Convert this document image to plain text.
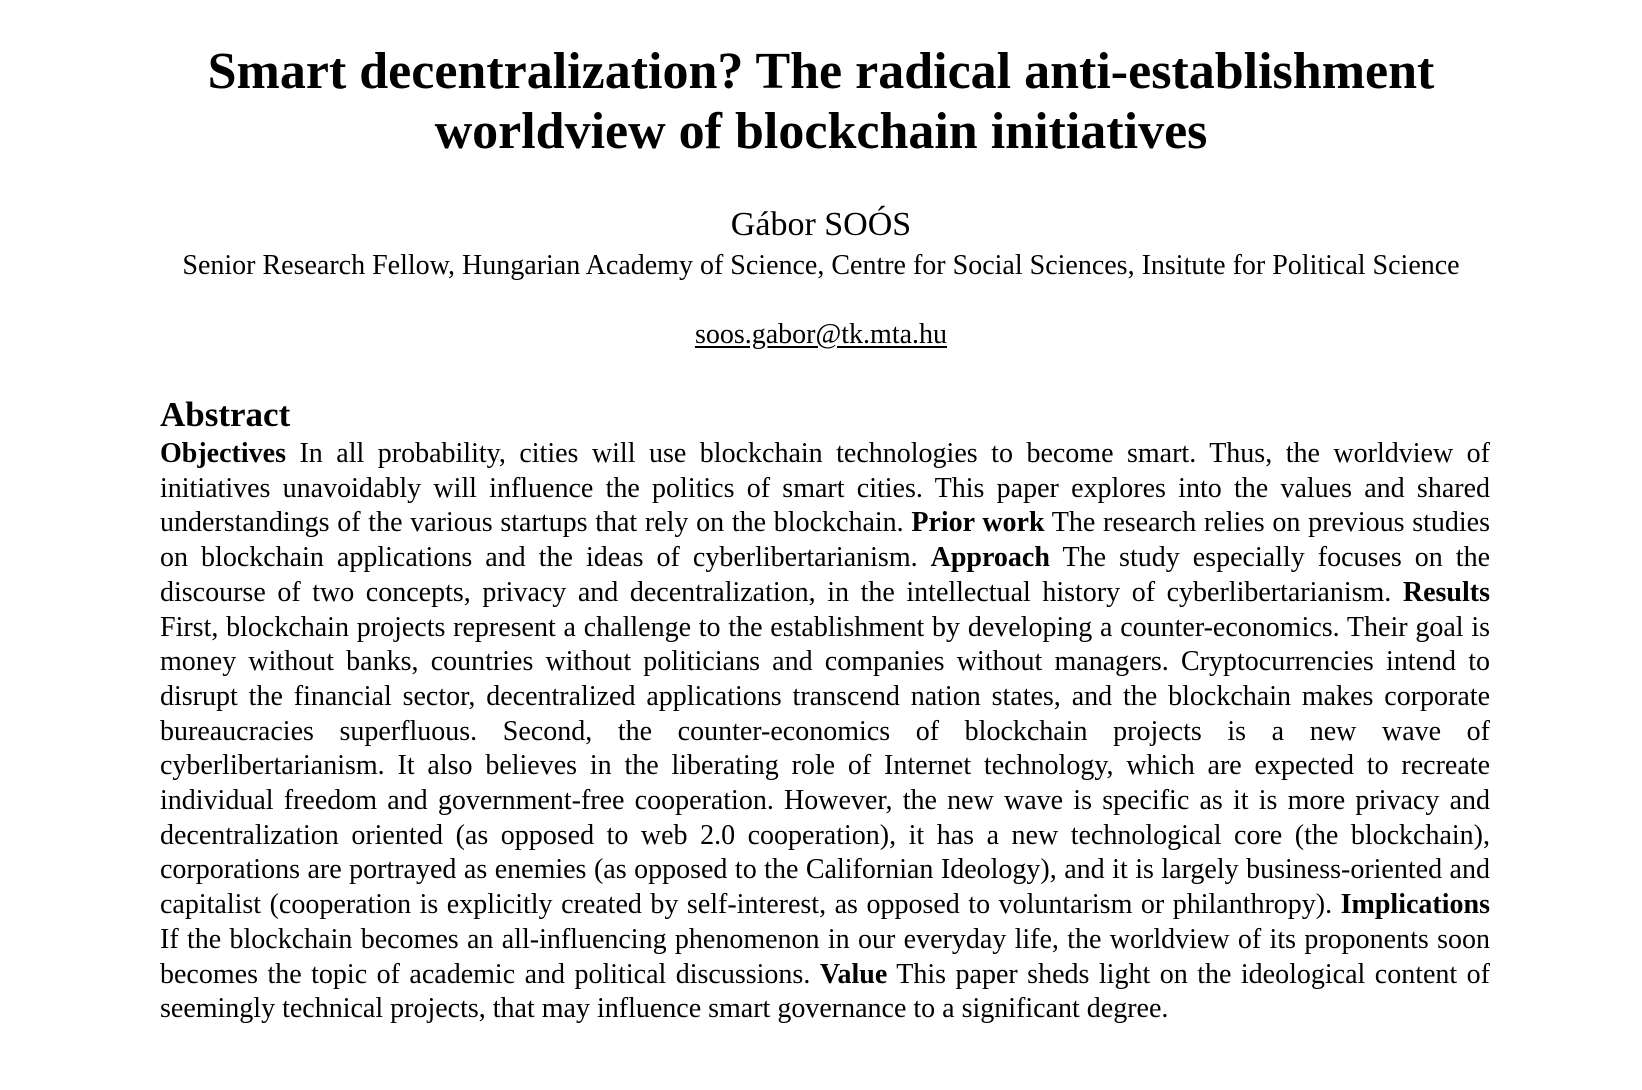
Smart decentralization? The radical anti-establishment
worldview of blockchain initiatives

Gábor SOÓS

Senior Research Fellow, Hungarian Academy of Science, Centre for Social Sciences, Insitute for Political Science

soos.gabor@tk.mta.hu

Abstract

Objectives In all probability, cities will use blockchain technologies to become smart. Thus, the worldview of initiatives unavoidably will influence the politics of smart cities. This paper explores into the values and shared understandings of the various startups that rely on the blockchain. Prior work The research relies on previous studies on blockchain applications and the ideas of cyberlibertarianism. Approach The study especially focuses on the discourse of two concepts, privacy and decentralization, in the intellectual history of cyberlibertarianism. Results First, blockchain projects represent a challenge to the establishment by developing a counter-economics. Their goal is money without banks, countries without politicians and companies without managers. Cryptocurrencies intend to disrupt the financial sector, decentralized applications transcend nation states, and the blockchain makes corporate bureaucracies superfluous. Second, the counter-economics of blockchain projects is a new wave of cyberlibertarianism. It also believes in the liberating role of Internet technology, which are expected to recreate individual freedom and government-free cooperation. However, the new wave is specific as it is more privacy and decentralization oriented (as opposed to web 2.0 cooperation), it has a new technological core (the blockchain), corporations are portrayed as enemies (as opposed to the Californian Ideology), and it is largely business-oriented and capitalist (cooperation is explicitly created by self-interest, as opposed to voluntarism or philanthropy). Implications If the blockchain becomes an all-influencing phenomenon in our everyday life, the worldview of its proponents soon becomes the topic of academic and political discussions. Value This paper sheds light on the ideological content of seemingly technical projects, that may influence smart governance to a significant degree.
